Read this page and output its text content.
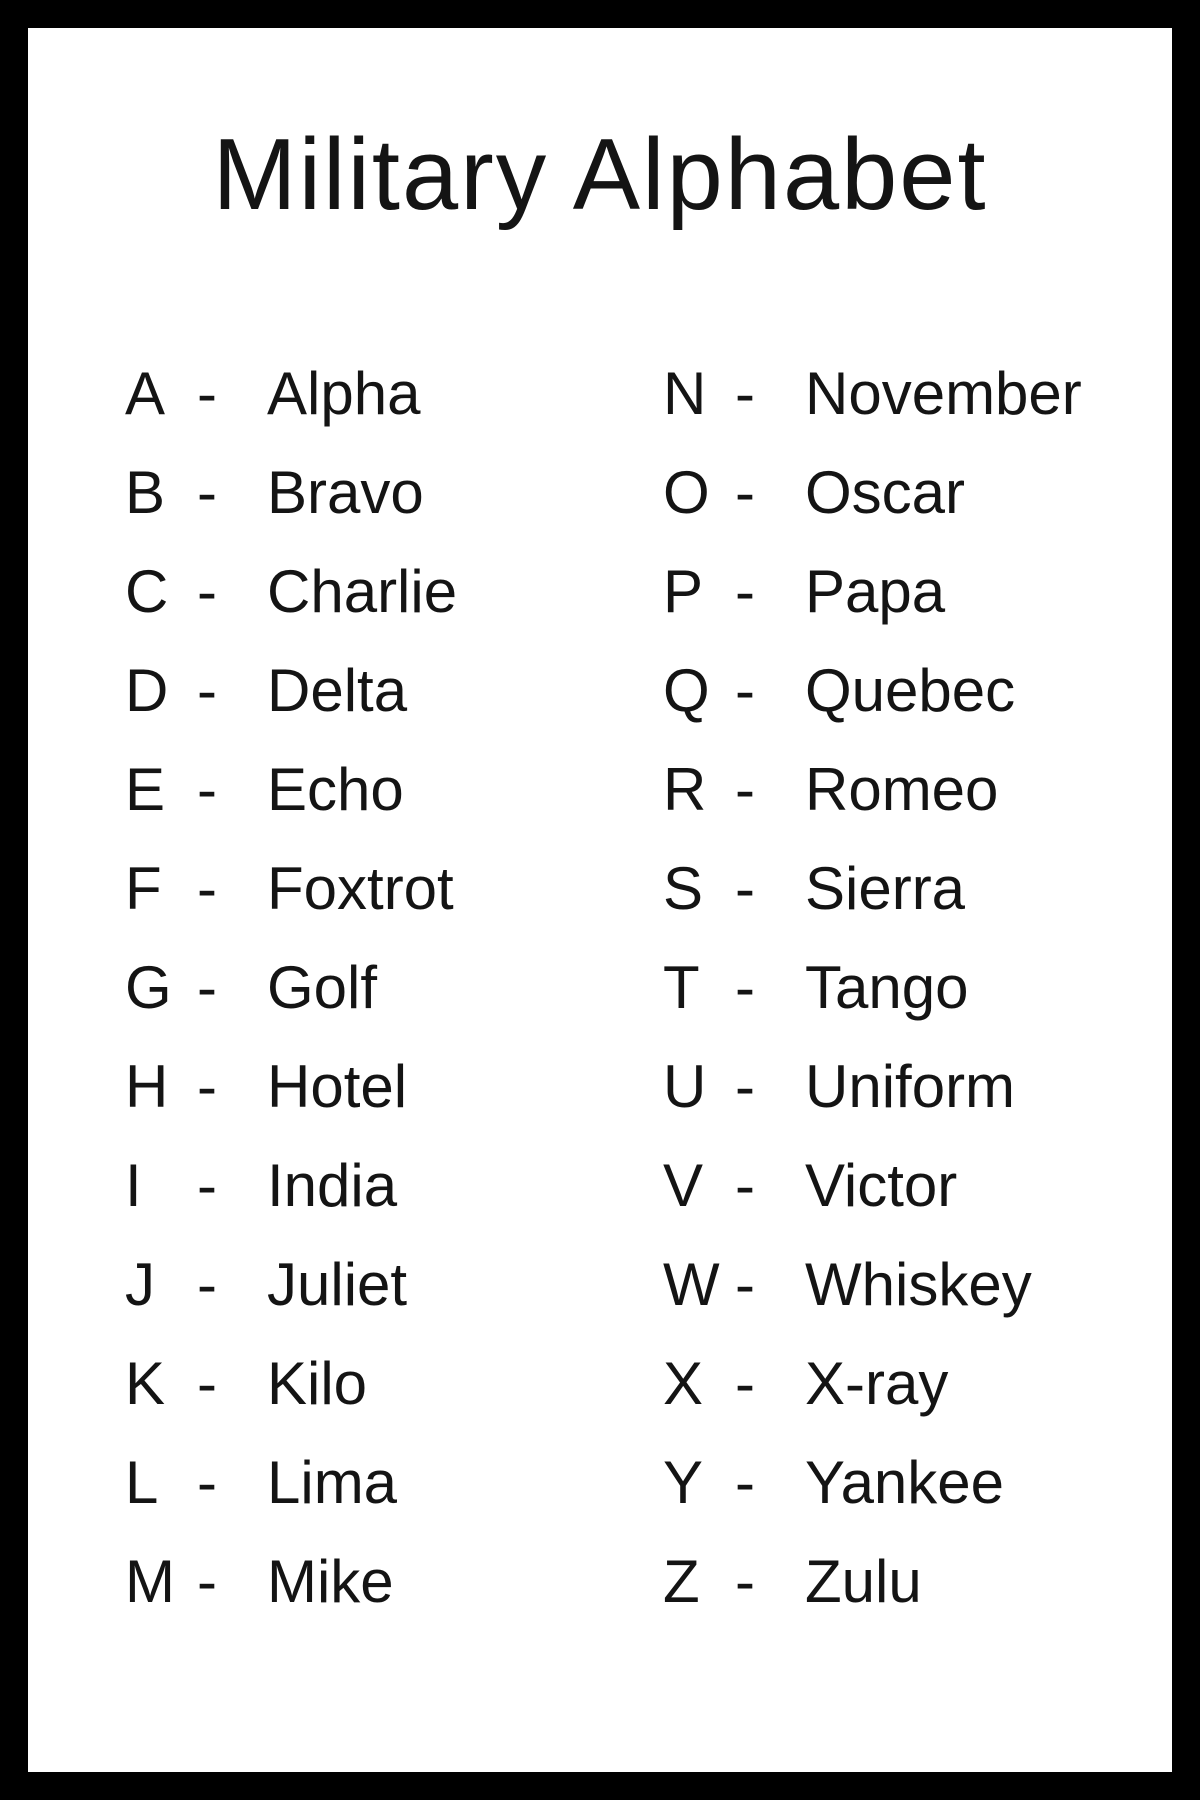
Military Alphabet
A - Alpha
B - Bravo
C - Charlie
D - Delta
E - Echo
F - Foxtrot
G - Golf
H - Hotel
I - India
J - Juliet
K - Kilo
L - Lima
M - Mike
N - November
O - Oscar
P - Papa
Q - Quebec
R - Romeo
S - Sierra
T - Tango
U - Uniform
V - Victor
W - Whiskey
X - X-ray
Y - Yankee
Z - Zulu
